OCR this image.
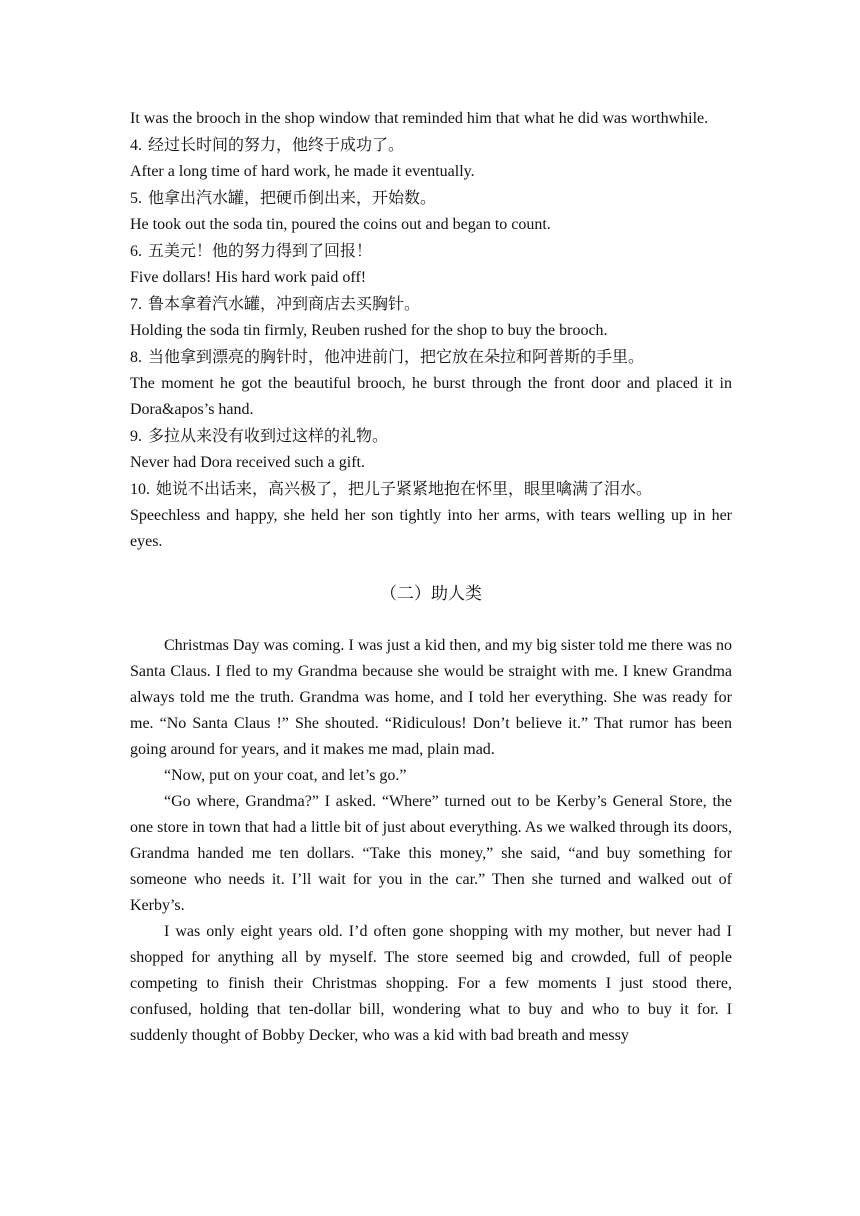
It was the brooch in the shop window that reminded him that what he did was worthwhile.

4. 经过长时间的努力，他终于成功了。

After a long time of hard work, he made it eventually.

5. 他拿出汽水罐，把硬币倒出来，开始数。

He took out the soda tin, poured the coins out and began to count.

6. 五美元！他的努力得到了回报！

Five dollars! His hard work paid off!

7. 鲁本拿着汽水罐，冲到商店去买胸针。

Holding the soda tin firmly, Reuben rushed for the shop to buy the brooch.

8. 当他拿到漂亮的胸针时，他冲进前门，把它放在朵拉和阿普斯的手里。

The moment he got the beautiful brooch, he burst through the front door and placed it in Dora&apos’s hand.

9. 多拉从来没有收到过这样的礼物。

Never had Dora received such a gift.

10. 她说不出话来，高兴极了，把儿子紧紧地抱在怀里，眼里噙满了泪水。

Speechless and happy, she held her son tightly into her arms, with tears welling up in her eyes.

（二）助人类

Christmas Day was coming. I was just a kid then, and my big sister told me there was no Santa Claus. I fled to my Grandma because she would be straight with me. I knew Grandma always told me the truth. Grandma was home, and I told her everything. She was ready for me. “No Santa Claus !” She shouted. “Ridiculous! Don’t believe it.” That rumor has been going around for years, and it makes me mad, plain mad.

“Now, put on your coat, and let’s go.”

“Go where, Grandma?” I asked. “Where” turned out to be Kerby’s General Store, the one store in town that had a little bit of just about everything. As we walked through its doors, Grandma handed me ten dollars. “Take this money,” she said, “and buy something for someone who needs it. I’ll wait for you in the car.” Then she turned and walked out of Kerby’s.

I was only eight years old. I’d often gone shopping with my mother, but never had I shopped for anything all by myself. The store seemed big and crowded, full of people competing to finish their Christmas shopping. For a few moments I just stood there, confused, holding that ten-dollar bill, wondering what to buy and who to buy it for. I suddenly thought of Bobby Decker, who was a kid with bad breath and messy
